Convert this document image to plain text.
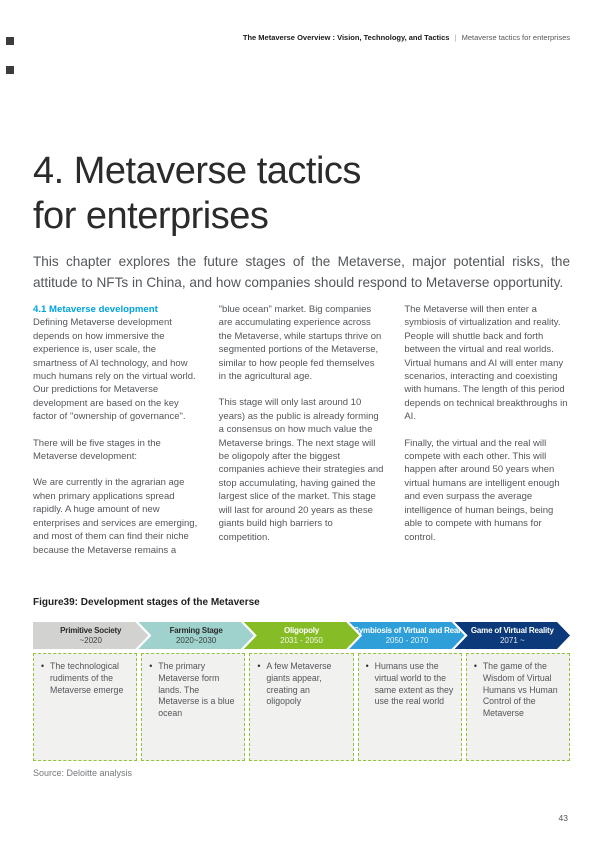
The Metaverse Overview : Vision, Technology, and Tactics | Metaverse tactics for enterprises
4. Metaverse tactics
for enterprises

This chapter explores the future stages of the Metaverse, major potential risks, the attitude to NFTs in China, and how companies should respond to Metaverse opportunity.

4.1 Metaverse development

Defining Metaverse development depends on how immersive the experience is, user scale, the smartness of AI technology, and how much humans rely on the virtual world. Our predictions for Metaverse development are based on the key factor of "ownership of governance".

There will be five stages in the Metaverse development:

We are currently in the agrarian age when primary applications spread rapidly. A huge amount of new enterprises and services are emerging, and most of them can find their niche because the Metaverse remains a

"blue ocean" market. Big companies are accumulating experience across the Metaverse, while startups thrive on segmented portions of the Metaverse, similar to how people fed themselves in the agricultural age.

This stage will only last around 10 years) as the public is already forming a consensus on how much value the Metaverse brings. The next stage will be oligopoly after the biggest companies achieve their strategies and stop accumulating, having gained the largest slice of the market. This stage will last for around 20 years as these giants build high barriers to competition.

The Metaverse will then enter a symbiosis of virtualization and reality. People will shuttle back and forth between the virtual and real worlds. Virtual humans and AI will enter many scenarios, interacting and coexisting with humans. The length of this period depends on technical breakthroughs in AI.

Finally, the virtual and the real will compete with each other. This will happen after around 50 years when virtual humans are intelligent enough and even surpass the average intelligence of human beings, being able to compete with humans for control.

Figure39: Development stages of the Metaverse
Primitive Society
~2020
Farming Stage
2020~2030
Oligopoly
2031 - 2050
Symbiosis of Virtual and Real
2050 - 2070
Game of Virtual Reality
2071 ~
• The technological rudiments of the Metaverse emerge
• The primary Metaverse form lands. The Metaverse is a blue ocean
• A few Metaverse giants appear, creating an oligopoly
• Humans use the virtual world to the same extent as they use the real world
• The game of the Wisdom of Virtual Humans vs Human Control of the Metaverse
Source: Deloitte analysis
43
